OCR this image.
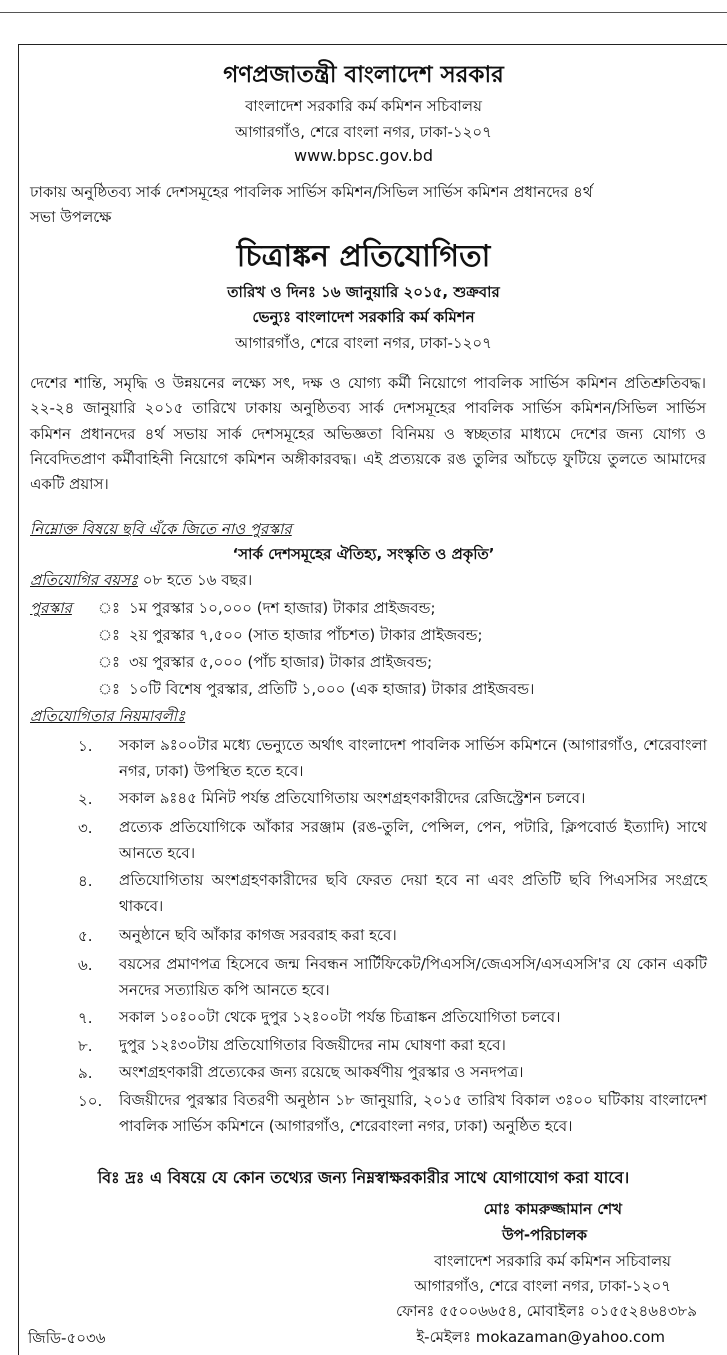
গণপ্রজাতন্ত্রী বাংলাদেশ সরকার
বাংলাদেশ সরকারি কর্ম কমিশন সচিবালয়
আগারগাঁও, শেরে বাংলা নগর, ঢাকা-১২০৭
www.bpsc.gov.bd
ঢাকায় অনুষ্ঠিতব্য সার্ক দেশসমূহের পাবলিক সার্ভিস কমিশন/সিভিল সার্ভিস কমিশন প্রধানদের ৪র্থ
সভা উপলক্ষে
চিত্রাঙ্কন প্রতিযোগিতা
তারিখ ও দিনঃ ১৬ জানুয়ারি ২০১৫, শুক্রবার
ভেন্যুঃ বাংলাদেশ সরকারি কর্ম কমিশন
আগারগাঁও, শেরে বাংলা নগর, ঢাকা-১২০৭
দেশের শান্তি, সমৃদ্ধি ও উন্নয়নের লক্ষ্যে সৎ, দক্ষ ও যোগ্য কর্মী নিয়োগে পাবলিক সার্ভিস কমিশন প্রতিশ্রুতিবদ্ধ। ২২-২৪ জানুয়ারি ২০১৫ তারিখে ঢাকায় অনুষ্ঠিতব্য সার্ক দেশসমূহের পাবলিক সার্ভিস কমিশন/সিভিল সার্ভিস কমিশন প্রধানদের ৪র্থ সভায় সার্ক দেশসমূহের অভিজ্ঞতা বিনিময় ও স্বচ্ছতার মাধ্যমে দেশের জন্য যোগ্য ও নিবেদিতপ্রাণ কর্মীবাহিনী নিয়োগে কমিশন অঙ্গীকারবদ্ধ। এই প্রত্যয়কে রঙ তুলির আঁচড়ে ফুটিয়ে তুলতে আমাদের একটি প্রয়াস।
নিম্নোক্ত বিষয়ে ছবি এঁকে জিতে নাও পুরস্কার
‘সার্ক দেশসমূহের ঐতিহ্য, সংস্কৃতি ও প্রকৃতি’
প্রতিযোগির বয়সঃ ০৮ হতে ১৬ বছর।
পুরস্কার ঃ ১ম পুরস্কার ১০,০০০ (দশ হাজার) টাকার প্রাইজবন্ড;
ঃ ২য় পুরস্কার ৭,৫০০ (সাত হাজার পাঁচশত) টাকার প্রাইজবন্ড;
ঃ ৩য় পুরস্কার ৫,০০০ (পাঁচ হাজার) টাকার প্রাইজবন্ড;
ঃ ১০টি বিশেষ পুরস্কার, প্রতিটি ১,০০০ (এক হাজার) টাকার প্রাইজবন্ড।
প্রতিযোগিতার নিয়মাবলীঃ
১. সকাল ৯ঃ০০টার মধ্যে ভেন্যুতে অর্থাৎ বাংলাদেশ পাবলিক সার্ভিস কমিশনে (আগারগাঁও, শেরেবাংলা নগর, ঢাকা) উপস্থিত হতে হবে।
২. সকাল ৯ঃ৪৫ মিনিট পর্যন্ত প্রতিযোগিতায় অংশগ্রহণকারীদের রেজিস্ট্রেশন চলবে।
৩. প্রত্যেক প্রতিযোগিকে আঁকার সরঞ্জাম (রঙ-তুলি, পেন্সিল, পেন, পটারি, ক্লিপবোর্ড ইত্যাদি) সাথে আনতে হবে।
৪. প্রতিযোগিতায় অংশগ্রহণকারীদের ছবি ফেরত দেয়া হবে না এবং প্রতিটি ছবি পিএসসির সংগ্রহে থাকবে।
৫. অনুষ্ঠানে ছবি আঁকার কাগজ সরবরাহ করা হবে।
৬. বয়সের প্রমাণপত্র হিসেবে জন্ম নিবন্ধন সার্টিফিকেট/পিএসসি/জেএসসি/এসএসসি'র যে কোন একটি সনদের সত্যায়িত কপি আনতে হবে।
৭. সকাল ১০ঃ০০টা থেকে দুপুর ১২ঃ০০টা পর্যন্ত চিত্রাঙ্কন প্রতিযোগিতা চলবে।
৮. দুপুর ১২ঃ৩০টায় প্রতিযোগিতার বিজয়ীদের নাম ঘোষণা করা হবে।
৯. অংশগ্রহণকারী প্রত্যেকের জন্য রয়েছে আকর্ষণীয় পুরস্কার ও সনদপত্র।
১০. বিজয়ীদের পুরস্কার বিতরণী অনুষ্ঠান ১৮ জানুয়ারি, ২০১৫ তারিখ বিকাল ৩ঃ০০ ঘটিকায় বাংলাদেশ পাবলিক সার্ভিস কমিশনে (আগারগাঁও, শেরেবাংলা নগর, ঢাকা) অনুষ্ঠিত হবে।
বিঃ দ্রঃ এ বিষয়ে যে কোন তথ্যের জন্য নিম্নস্বাক্ষরকারীর সাথে যোগাযোগ করা যাবে।
মোঃ কামরুজ্জামান শেখ
উপ-পরিচালক
বাংলাদেশ সরকারি কর্ম কমিশন সচিবালয়
আগারগাঁও, শেরে বাংলা নগর, ঢাকা-১২০৭
ফোনঃ ৫৫০০৬৬৫৪, মোবাইলঃ ০১৫৫২৪৬৪৩৮৯
ই-মেইলঃ mokazaman@yahoo.com
জিডি-৫০৩৬
